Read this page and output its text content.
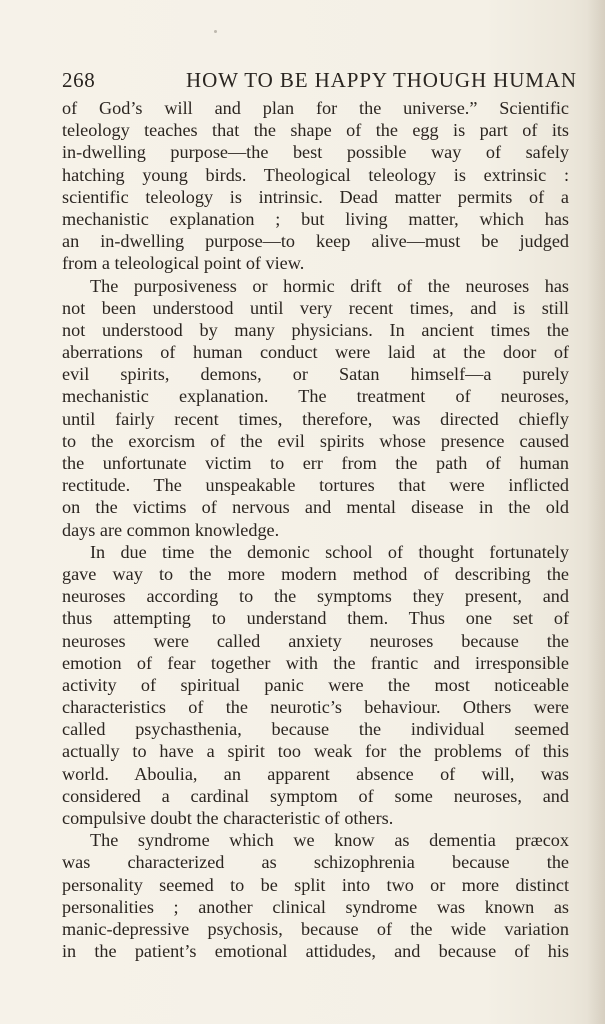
268	HOW TO BE HAPPY THOUGH HUMAN
of God’s will and plan for the universe.” Scientific
teleology teaches that the shape of the egg is part of its
in-dwelling purpose—the best possible way of safely
hatching young birds. Theological teleology is extrinsic :
scientific teleology is intrinsic. Dead matter permits of a
mechanistic explanation ; but living matter, which has
an in-dwelling purpose—to keep alive—must be judged
from a teleological point of view.
The purposiveness or hormic drift of the neuroses has
not been understood until very recent times, and is still
not understood by many physicians. In ancient times the
aberrations of human conduct were laid at the door of
evil spirits, demons, or Satan himself—a purely
mechanistic explanation. The treatment of neuroses,
until fairly recent times, therefore, was directed chiefly
to the exorcism of the evil spirits whose presence caused
the unfortunate victim to err from the path of human
rectitude. The unspeakable tortures that were inflicted
on the victims of nervous and mental disease in the old
days are common knowledge.
In due time the demonic school of thought fortunately
gave way to the more modern method of describing the
neuroses according to the symptoms they present, and
thus attempting to understand them. Thus one set of
neuroses were called anxiety neuroses because the
emotion of fear together with the frantic and irresponsible
activity of spiritual panic were the most noticeable
characteristics of the neurotic’s behaviour. Others were
called psychasthenia, because the individual seemed
actually to have a spirit too weak for the problems of this
world. Aboulia, an apparent absence of will, was
considered a cardinal symptom of some neuroses, and
compulsive doubt the characteristic of others.
The syndrome which we know as dementia præcox
was characterized as schizophrenia because the
personality seemed to be split into two or more distinct
personalities ; another clinical syndrome was known as
manic-depressive psychosis, because of the wide variation
in the patient’s emotional attidudes, and because of his
